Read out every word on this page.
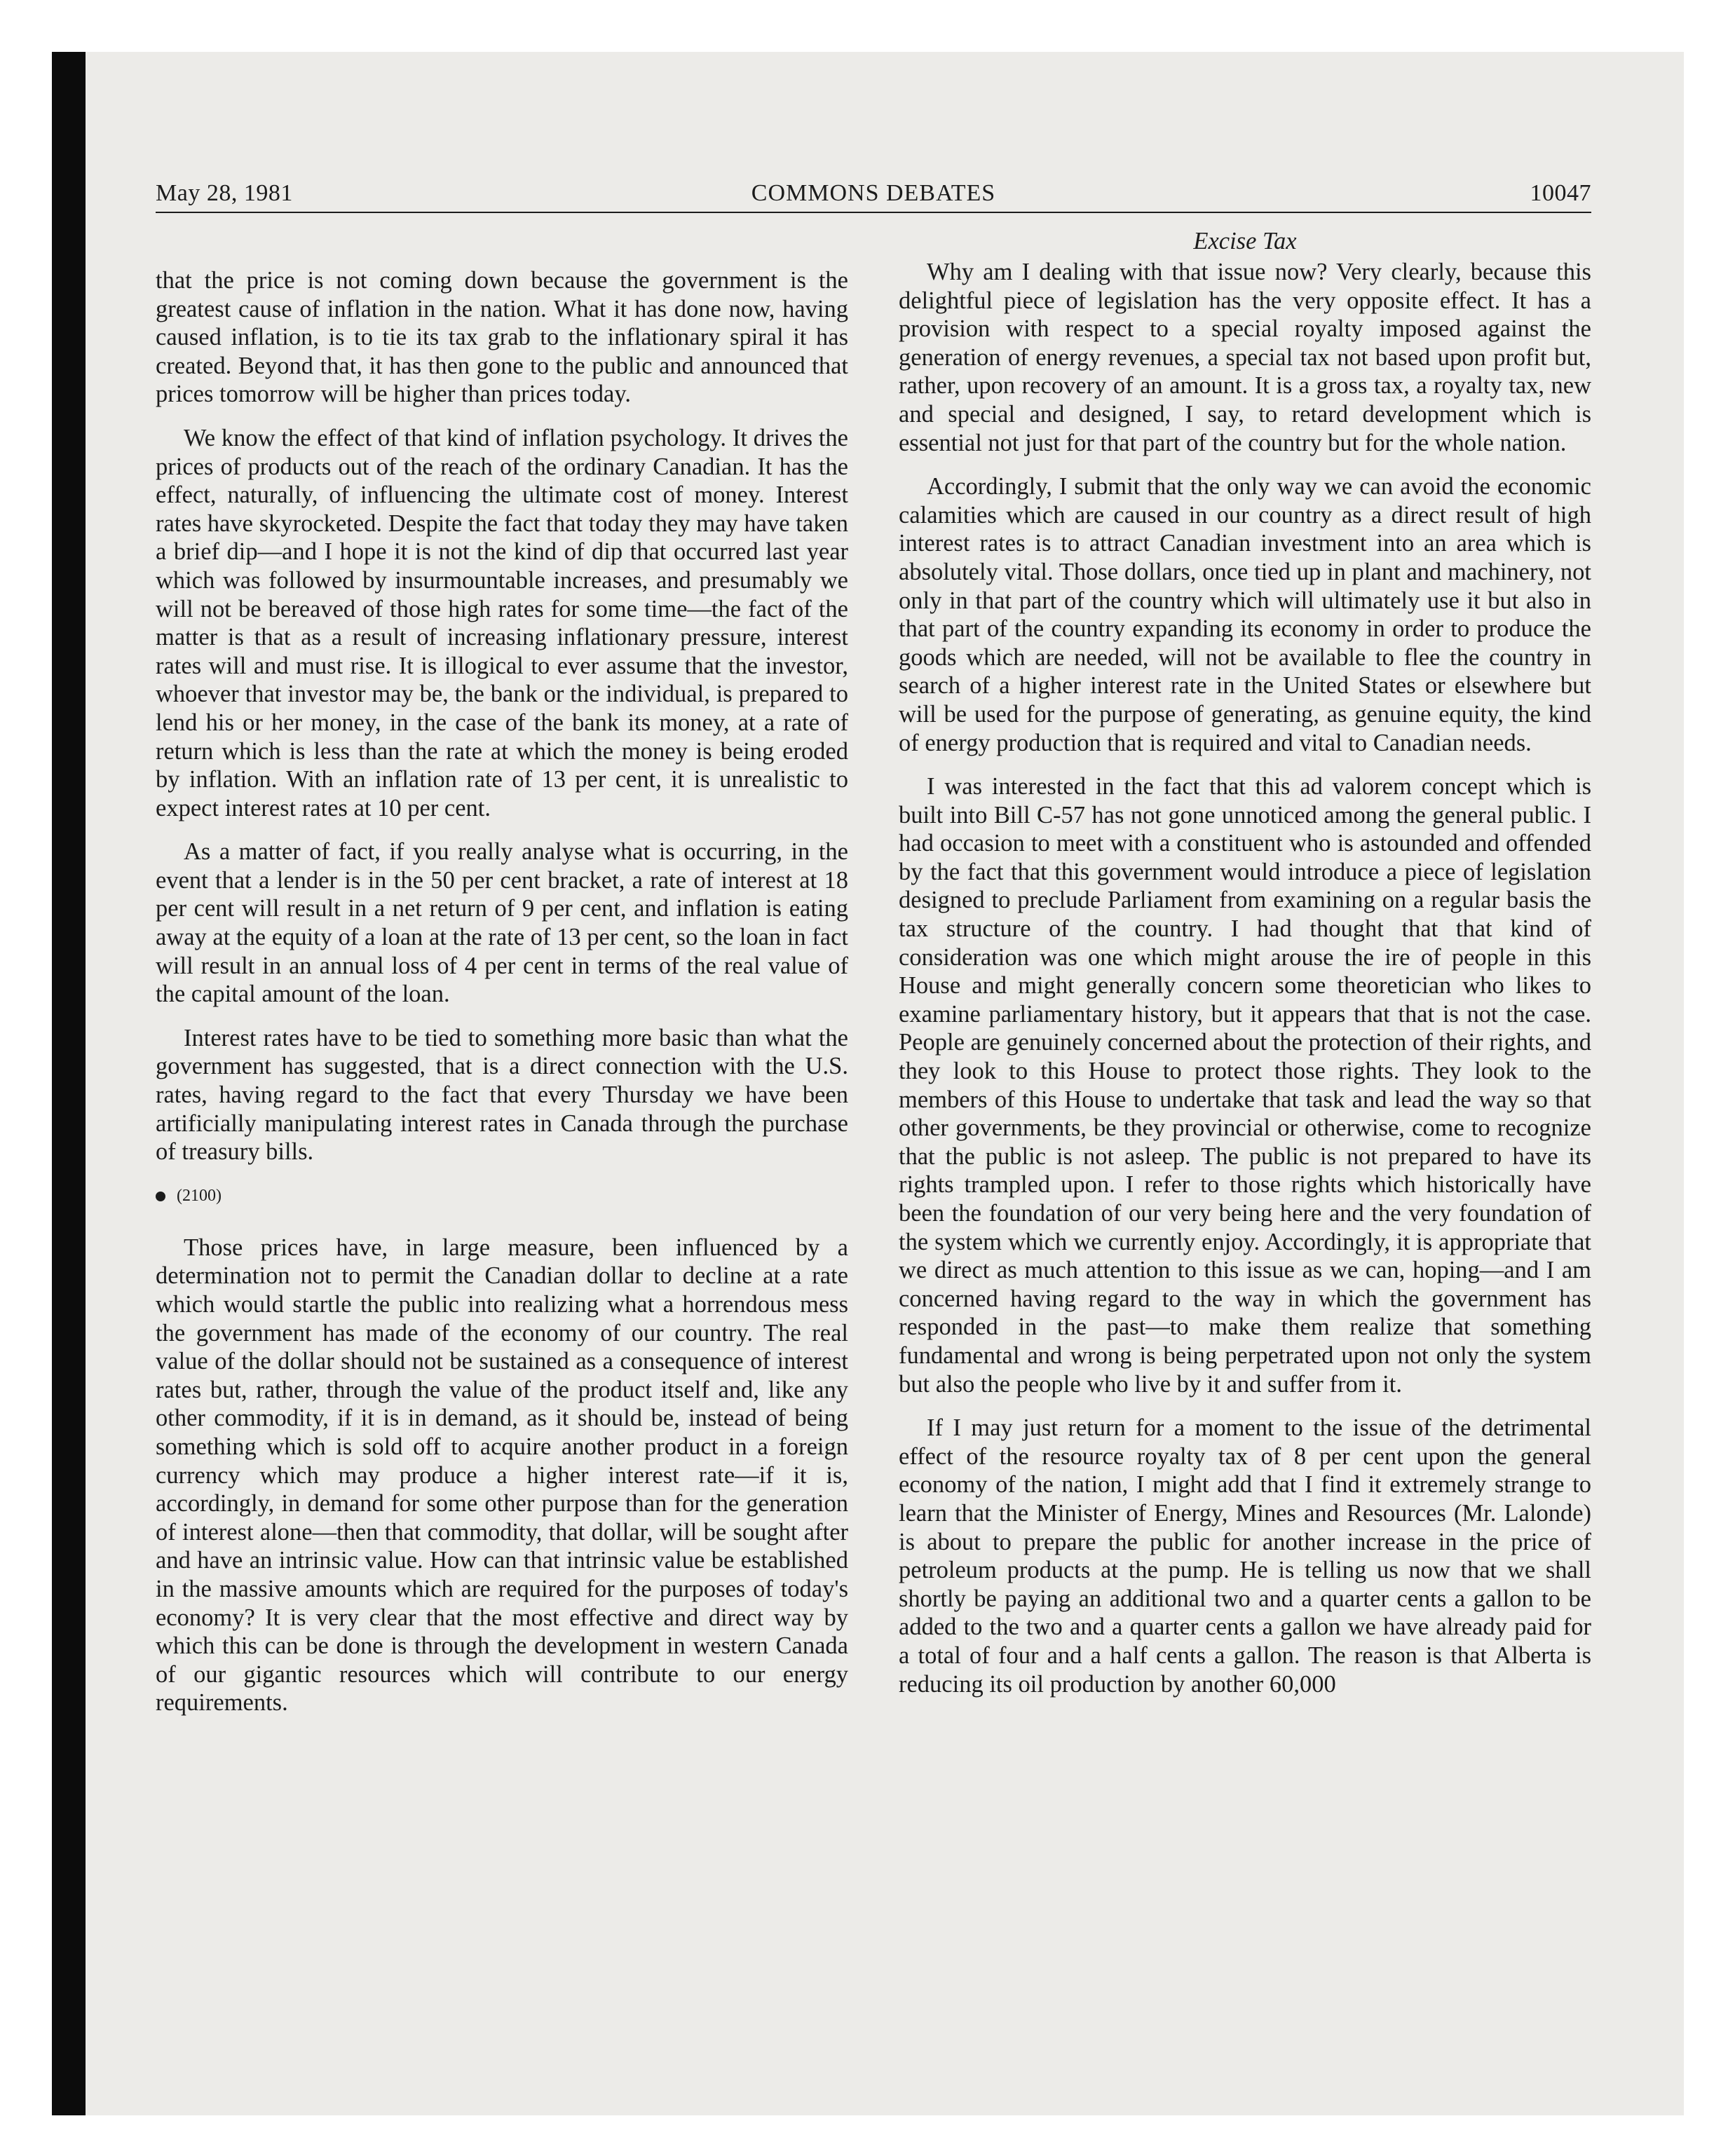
May 28, 1981	COMMONS DEBATES	10047

that the price is not coming down because the government is the greatest cause of inflation in the nation. What it has done now, having caused inflation, is to tie its tax grab to the inflationary spiral it has created. Beyond that, it has then gone to the public and announced that prices tomorrow will be higher than prices today.

We know the effect of that kind of inflation psychology. It drives the prices of products out of the reach of the ordinary Canadian. It has the effect, naturally, of influencing the ultimate cost of money. Interest rates have skyrocketed. Despite the fact that today they may have taken a brief dip—and I hope it is not the kind of dip that occurred last year which was followed by insurmountable increases, and presumably we will not be bereaved of those high rates for some time—the fact of the matter is that as a result of increasing inflationary pressure, interest rates will and must rise. It is illogical to ever assume that the investor, whoever that investor may be, the bank or the individual, is prepared to lend his or her money, in the case of the bank its money, at a rate of return which is less than the rate at which the money is being eroded by inflation. With an inflation rate of 13 per cent, it is unrealistic to expect interest rates at 10 per cent.

As a matter of fact, if you really analyse what is occurring, in the event that a lender is in the 50 per cent bracket, a rate of interest at 18 per cent will result in a net return of 9 per cent, and inflation is eating away at the equity of a loan at the rate of 13 per cent, so the loan in fact will result in an annual loss of 4 per cent in terms of the real value of the capital amount of the loan.

Interest rates have to be tied to something more basic than what the government has suggested, that is a direct connection with the U.S. rates, having regard to the fact that every Thursday we have been artificially manipulating interest rates in Canada through the purchase of treasury bills.

(2100)

Those prices have, in large measure, been influenced by a determination not to permit the Canadian dollar to decline at a rate which would startle the public into realizing what a horrendous mess the government has made of the economy of our country. The real value of the dollar should not be sustained as a consequence of interest rates but, rather, through the value of the product itself and, like any other commodity, if it is in demand, as it should be, instead of being something which is sold off to acquire another product in a foreign currency which may produce a higher interest rate—if it is, accordingly, in demand for some other purpose than for the generation of interest alone—then that commodity, that dollar, will be sought after and have an intrinsic value. How can that intrinsic value be established in the massive amounts which are required for the purposes of today's economy? It is very clear that the most effective and direct way by which this can be done is through the development in western Canada of our gigantic resources which will contribute to our energy requirements.

Excise Tax

Why am I dealing with that issue now? Very clearly, because this delightful piece of legislation has the very opposite effect. It has a provision with respect to a special royalty imposed against the generation of energy revenues, a special tax not based upon profit but, rather, upon recovery of an amount. It is a gross tax, a royalty tax, new and special and designed, I say, to retard development which is essential not just for that part of the country but for the whole nation.

Accordingly, I submit that the only way we can avoid the economic calamities which are caused in our country as a direct result of high interest rates is to attract Canadian investment into an area which is absolutely vital. Those dollars, once tied up in plant and machinery, not only in that part of the country which will ultimately use it but also in that part of the country expanding its economy in order to produce the goods which are needed, will not be available to flee the country in search of a higher interest rate in the United States or elsewhere but will be used for the purpose of generating, as genuine equity, the kind of energy production that is required and vital to Canadian needs.

I was interested in the fact that this ad valorem concept which is built into Bill C-57 has not gone unnoticed among the general public. I had occasion to meet with a constituent who is astounded and offended by the fact that this government would introduce a piece of legislation designed to preclude Parliament from examining on a regular basis the tax structure of the country. I had thought that that kind of consideration was one which might arouse the ire of people in this House and might generally concern some theoretician who likes to examine parliamentary history, but it appears that that is not the case. People are genuinely concerned about the protection of their rights, and they look to this House to protect those rights. They look to the members of this House to undertake that task and lead the way so that other governments, be they provincial or otherwise, come to recognize that the public is not asleep. The public is not prepared to have its rights trampled upon. I refer to those rights which historically have been the foundation of our very being here and the very foundation of the system which we currently enjoy. Accordingly, it is appropriate that we direct as much attention to this issue as we can, hoping—and I am concerned having regard to the way in which the government has responded in the past—to make them realize that something fundamental and wrong is being perpetrated upon not only the system but also the people who live by it and suffer from it.

If I may just return for a moment to the issue of the detrimental effect of the resource royalty tax of 8 per cent upon the general economy of the nation, I might add that I find it extremely strange to learn that the Minister of Energy, Mines and Resources (Mr. Lalonde) is about to prepare the public for another increase in the price of petroleum products at the pump. He is telling us now that we shall shortly be paying an additional two and a quarter cents a gallon to be added to the two and a quarter cents a gallon we have already paid for a total of four and a half cents a gallon. The reason is that Alberta is reducing its oil production by another 60,000
